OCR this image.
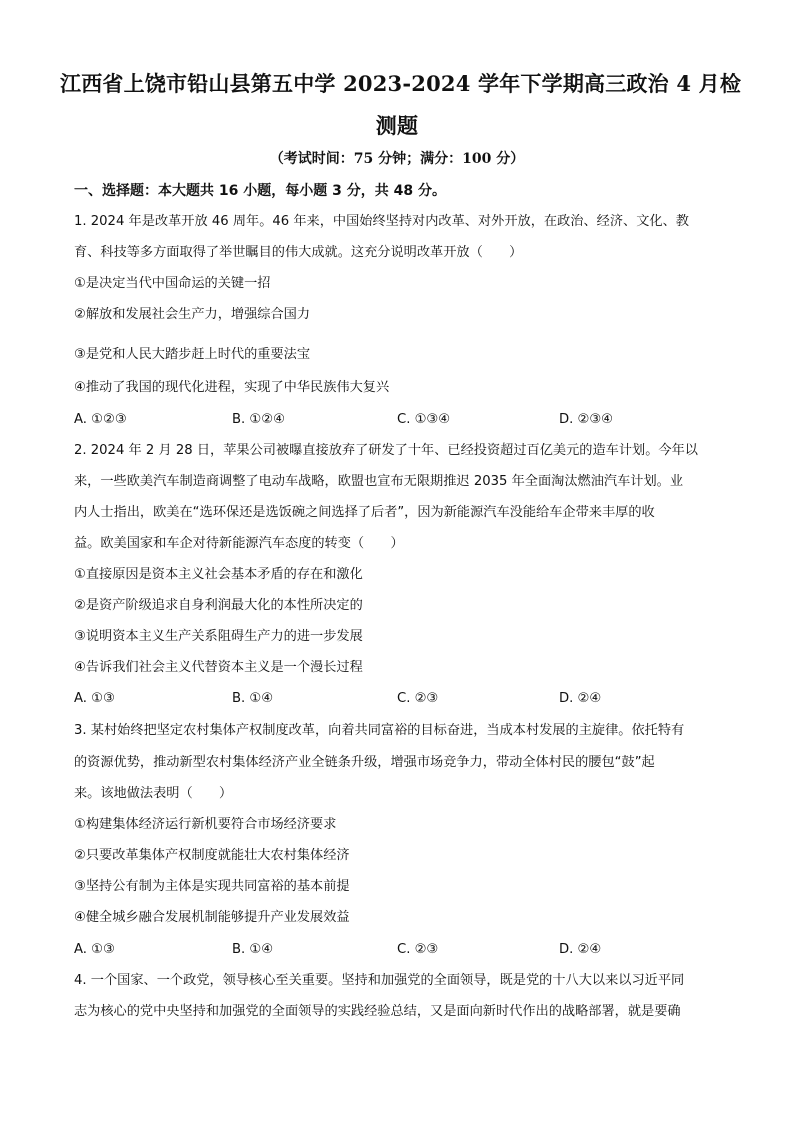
江西省上饶市铅山县第五中学 2023-2024 学年下学期高三政治 4 月检
测题
（考试时间：75 分钟；满分：100 分）
一、选择题：本大题共 16 小题，每小题 3 分，共 48 分。
1. 2024 年是改革开放 46 周年。46 年来，中国始终坚持对内改革、对外开放，在政治、经济、文化、教
育、科技等多方面取得了举世瞩目的伟大成就。这充分说明改革开放（　　）
①是决定当代中国命运的关键一招
②解放和发展社会生产力，增强综合国力
③是党和人民大踏步赶上时代的重要法宝
④推动了我国的现代化进程，实现了中华民族伟大复兴
A. ①②③	B. ①②④	C. ①③④	D. ②③④
2. 2024 年 2 月 28 日，苹果公司被曝直接放弃了研发了十年、已经投资超过百亿美元的造车计划。今年以
来，一些欧美汽车制造商调整了电动车战略，欧盟也宣布无限期推迟 2035 年全面淘汰燃油汽车计划。业
内人士指出，欧美在“选环保还是选饭碗之间选择了后者”，因为新能源汽车没能给车企带来丰厚的收
益。欧美国家和车企对待新能源汽车态度的转变（　　）
①直接原因是资本主义社会基本矛盾的存在和激化
②是资产阶级追求自身利润最大化的本性所决定的
③说明资本主义生产关系阻碍生产力的进一步发展
④告诉我们社会主义代替资本主义是一个漫长过程
A. ①③	B. ①④	C. ②③	D. ②④
3. 某村始终把坚定农村集体产权制度改革，向着共同富裕的目标奋进，当成本村发展的主旋律。依托特有
的资源优势，推动新型农村集体经济产业全链条升级，增强市场竞争力，带动全体村民的腰包“鼓”起
来。该地做法表明（　　）
①构建集体经济运行新机要符合市场经济要求
②只要改革集体产权制度就能壮大农村集体经济
③坚持公有制为主体是实现共同富裕的基本前提
④健全城乡融合发展机制能够提升产业发展效益
A. ①③	B. ①④	C. ②③	D. ②④
4. 一个国家、一个政党，领导核心至关重要。坚持和加强党的全面领导，既是党的十八大以来以习近平同
志为核心的党中央坚持和加强党的全面领导的实践经验总结，又是面向新时代作出的战略部署，就是要确
